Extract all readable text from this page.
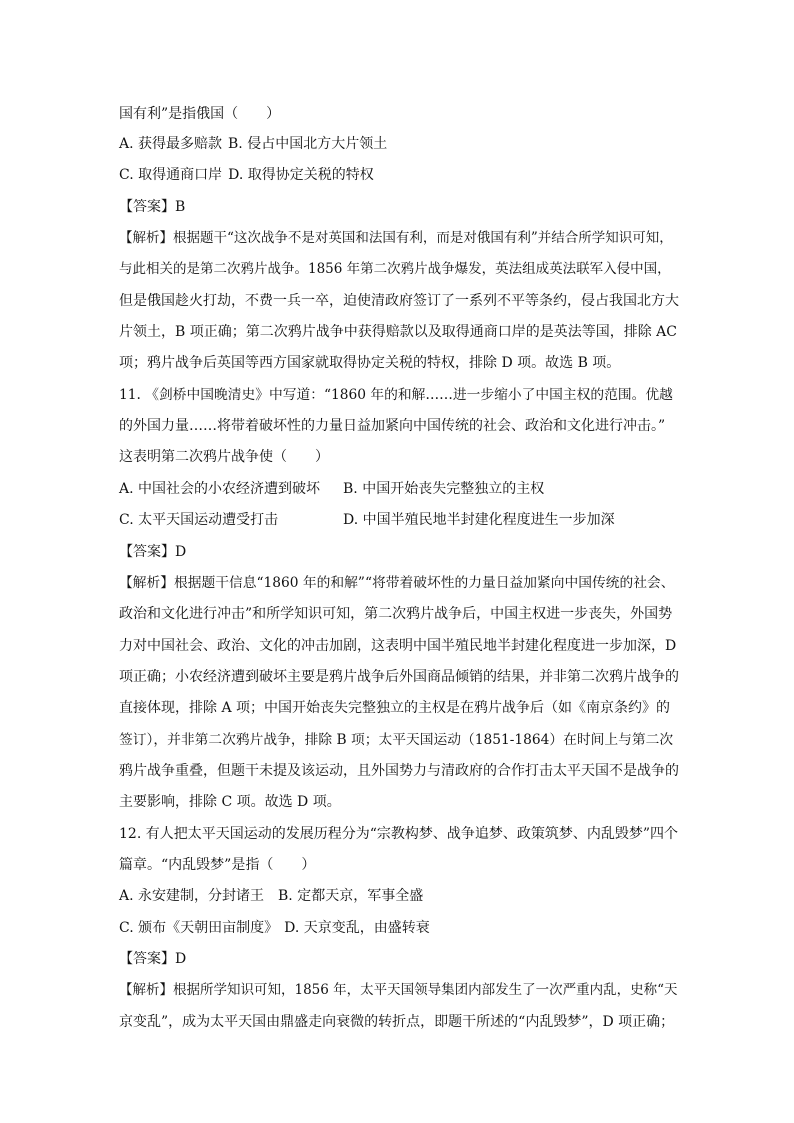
国有利”是指俄国（　　）
A. 获得最多赔款 B. 侵占中国北方大片领土
C. 取得通商口岸 D. 取得协定关税的特权
【答案】B
【解析】根据题干“这次战争不是对英国和法国有利，而是对俄国有利”并结合所学知识可知，
与此相关的是第二次鸦片战争。1856 年第二次鸦片战争爆发，英法组成英法联军入侵中国，
但是俄国趁火打劫，不费一兵一卒，迫使清政府签订了一系列不平等条约，侵占我国北方大
片领土，B 项正确；第二次鸦片战争中获得赔款以及取得通商口岸的是英法等国，排除 AC
项；鸦片战争后英国等西方国家就取得协定关税的特权，排除 D 项。故选 B 项。
11. 《剑桥中国晚清史》中写道：“1860 年的和解……进一步缩小了中国主权的范围。优越
的外国力量……将带着破坏性的力量日益加紧向中国传统的社会、政治和文化进行冲击。”
这表明第二次鸦片战争使（　　）
A. 中国社会的小农经济遭到破坏 B. 中国开始丧失完整独立的主权
C. 太平天国运动遭受打击	D. 中国半殖民地半封建化程度进生一步加深
【答案】D
【解析】根据题干信息“1860 年的和解”“将带着破坏性的力量日益加紧向中国传统的社会、
政治和文化进行冲击”和所学知识可知，第二次鸦片战争后，中国主权进一步丧失，外国势
力对中国社会、政治、文化的冲击加剧，这表明中国半殖民地半封建化程度进一步加深，D
项正确；小农经济遭到破坏主要是鸦片战争后外国商品倾销的结果，并非第二次鸦片战争的
直接体现，排除 A 项；中国开始丧失完整独立的主权是在鸦片战争后（如《南京条约》的
签订），并非第二次鸦片战争，排除 B 项；太平天国运动（1851-1864）在时间上与第二次
鸦片战争重叠，但题干未提及该运动，且外国势力与清政府的合作打击太平天国不是战争的
主要影响，排除 C 项。故选 D 项。
12. 有人把太平天国运动的发展历程分为“宗教构梦、战争追梦、政策筑梦、内乱毁梦”四个
篇章。“内乱毁梦”是指（　　）
A. 永安建制，分封诸王 B. 定都天京，军事全盛
C. 颁布《天朝田亩制度》 D. 天京变乱，由盛转衰
【答案】D
【解析】根据所学知识可知，1856 年，太平天国领导集团内部发生了一次严重内乱，史称“天
京变乱”，成为太平天国由鼎盛走向衰微的转折点，即题干所述的“内乱毁梦”，D 项正确；
